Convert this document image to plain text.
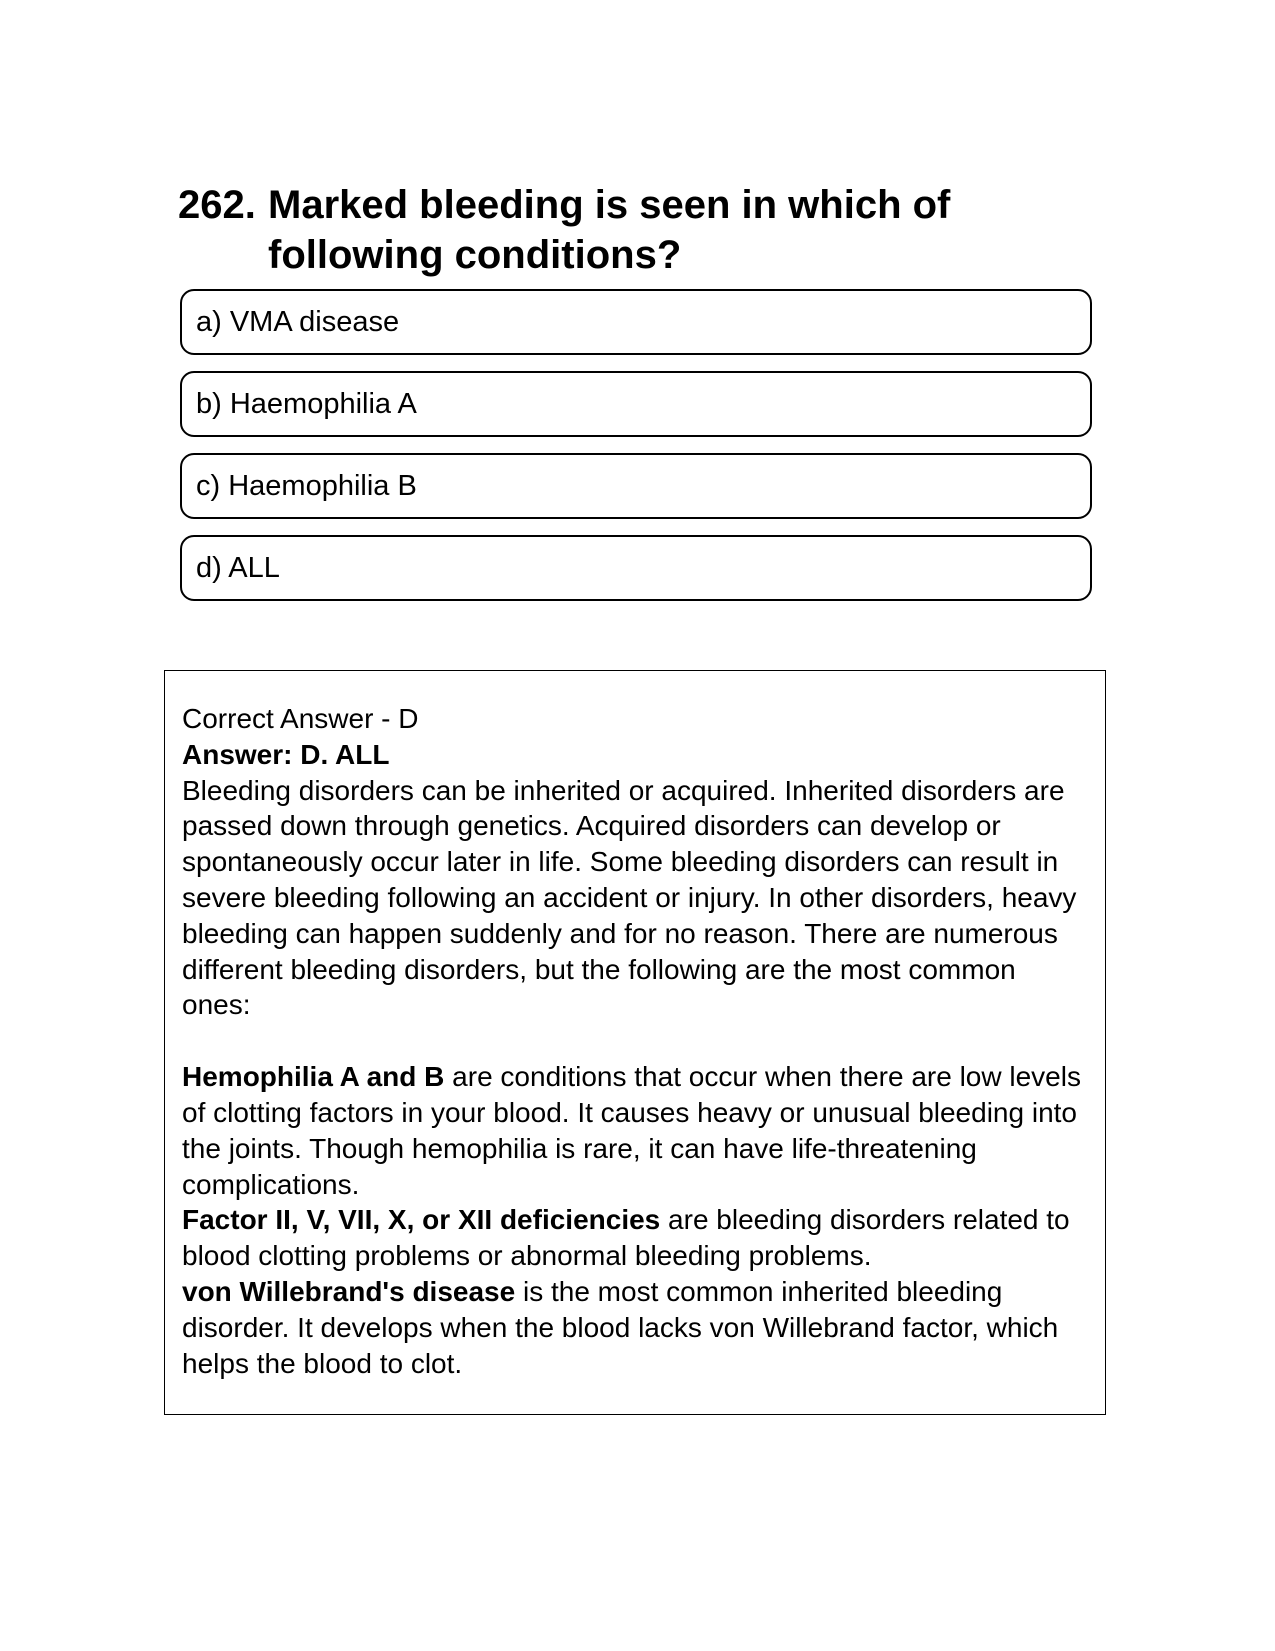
262. Marked bleeding is seen in which of following conditions?
a) VMA disease
b) Haemophilia A
c) Haemophilia B
d) ALL

Correct Answer - D

Answer: D. ALL

Bleeding disorders can be inherited or acquired. Inherited disorders are passed down through genetics. Acquired disorders can develop or spontaneously occur later in life. Some bleeding disorders can result in severe bleeding following an accident or injury. In other disorders, heavy bleeding can happen suddenly and for no reason. There are numerous different bleeding disorders, but the following are the most common ones:

Hemophilia A and B are conditions that occur when there are low levels of clotting factors in your blood. It causes heavy or unusual bleeding into the joints. Though hemophilia is rare, it can have life-threatening complications.

Factor II, V, VII, X, or XII deficiencies are bleeding disorders related to blood clotting problems or abnormal bleeding problems.

von Willebrand's disease is the most common inherited bleeding disorder. It develops when the blood lacks von Willebrand factor, which helps the blood to clot.
